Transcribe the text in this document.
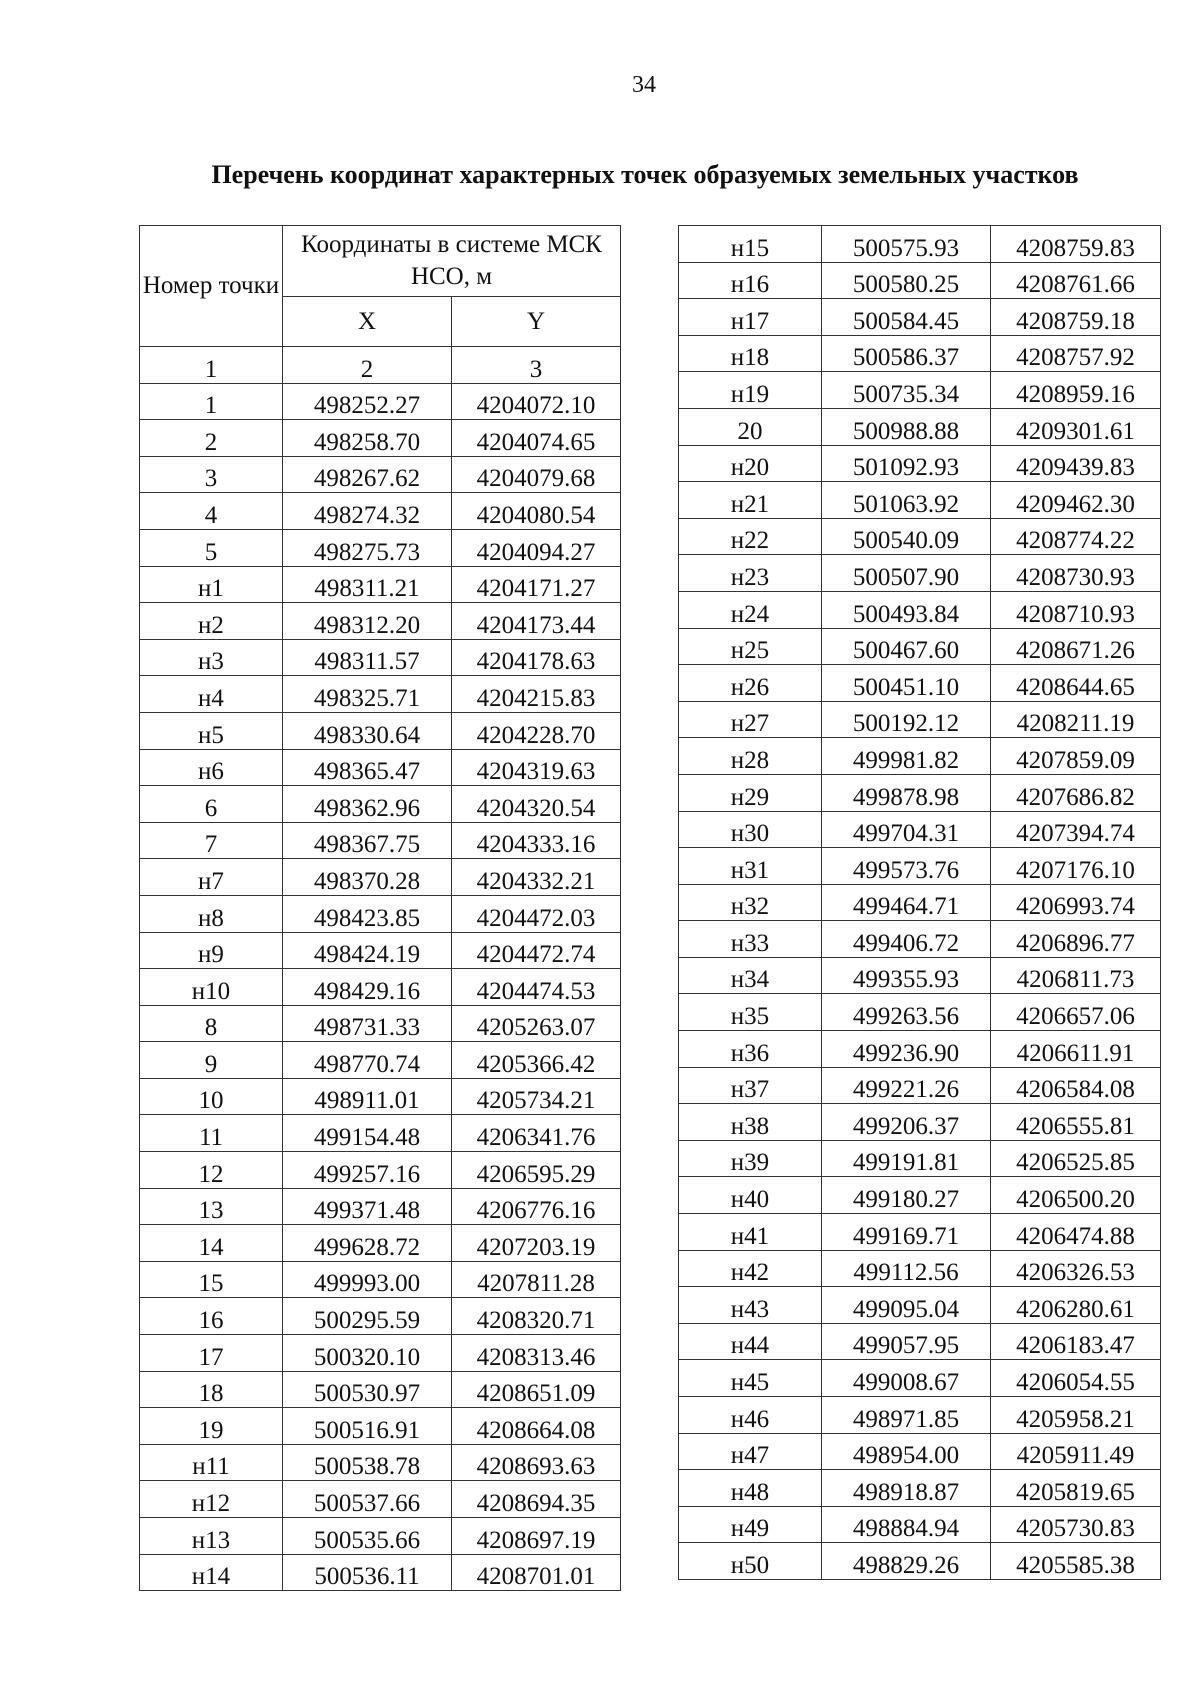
34
Перечень координат характерных точек образуемых земельных участков
Номер точки	Координаты в системе МСК НСО, м	
	X	Y
1	2	3
1	498252.27	4204072.10
2	498258.70	4204074.65
3	498267.62	4204079.68
4	498274.32	4204080.54
5	498275.73	4204094.27
н1	498311.21	4204171.27
н2	498312.20	4204173.44
н3	498311.57	4204178.63
н4	498325.71	4204215.83
н5	498330.64	4204228.70
н6	498365.47	4204319.63
6	498362.96	4204320.54
7	498367.75	4204333.16
н7	498370.28	4204332.21
н8	498423.85	4204472.03
н9	498424.19	4204472.74
н10	498429.16	4204474.53
8	498731.33	4205263.07
9	498770.74	4205366.42
10	498911.01	4205734.21
11	499154.48	4206341.76
12	499257.16	4206595.29
13	499371.48	4206776.16
14	499628.72	4207203.19
15	499993.00	4207811.28
16	500295.59	4208320.71
17	500320.10	4208313.46
18	500530.97	4208651.09
19	500516.91	4208664.08
н11	500538.78	4208693.63
н12	500537.66	4208694.35
н13	500535.66	4208697.19
н14	500536.11	4208701.01
н15	500575.93	4208759.83
н16	500580.25	4208761.66
н17	500584.45	4208759.18
н18	500586.37	4208757.92
н19	500735.34	4208959.16
20	500988.88	4209301.61
н20	501092.93	4209439.83
н21	501063.92	4209462.30
н22	500540.09	4208774.22
н23	500507.90	4208730.93
н24	500493.84	4208710.93
н25	500467.60	4208671.26
н26	500451.10	4208644.65
н27	500192.12	4208211.19
н28	499981.82	4207859.09
н29	499878.98	4207686.82
н30	499704.31	4207394.74
н31	499573.76	4207176.10
н32	499464.71	4206993.74
н33	499406.72	4206896.77
н34	499355.93	4206811.73
н35	499263.56	4206657.06
н36	499236.90	4206611.91
н37	499221.26	4206584.08
н38	499206.37	4206555.81
н39	499191.81	4206525.85
н40	499180.27	4206500.20
н41	499169.71	4206474.88
н42	499112.56	4206326.53
н43	499095.04	4206280.61
н44	499057.95	4206183.47
н45	499008.67	4206054.55
н46	498971.85	4205958.21
н47	498954.00	4205911.49
н48	498918.87	4205819.65
н49	498884.94	4205730.83
н50	498829.26	4205585.38
